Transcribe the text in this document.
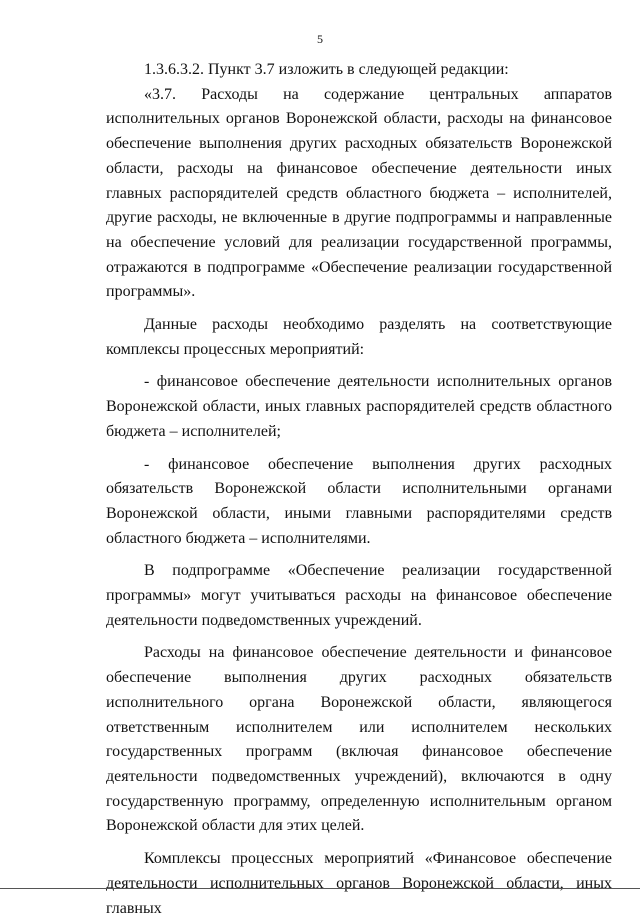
5

1.3.6.3.2. Пункт 3.7 изложить в следующей редакции:

«3.7. Расходы на содержание центральных аппаратов исполнительных органов Воронежской области, расходы на финансовое обеспечение выполнения других расходных обязательств Воронежской области, расходы на финансовое обеспечение деятельности иных главных распорядителей средств областного бюджета – исполнителей, другие расходы, не включенные в другие подпрограммы и направленные на обеспечение условий для реализации государственной программы, отражаются в подпрограмме «Обеспечение реализации государственной программы».

Данные расходы необходимо разделять на соответствующие комплексы процессных мероприятий:

- финансовое обеспечение деятельности исполнительных органов Воронежской области, иных главных распорядителей средств областного бюджета – исполнителей;

- финансовое обеспечение выполнения других расходных обязательств Воронежской области исполнительными органами Воронежской области, иными главными распорядителями средств областного бюджета – исполнителями.

В подпрограмме «Обеспечение реализации государственной программы» могут учитываться расходы на финансовое обеспечение деятельности подведомственных учреждений.

Расходы на финансовое обеспечение деятельности и финансовое обеспечение выполнения других расходных обязательств исполнительного органа Воронежской области, являющегося ответственным исполнителем или исполнителем нескольких государственных программ (включая финансовое обеспечение деятельности подведомственных учреждений), включаются в одну государственную программу, определенную исполнительным органом Воронежской области для этих целей.

Комплексы процессных мероприятий «Финансовое обеспечение деятельности исполнительных органов Воронежской области, иных главных
